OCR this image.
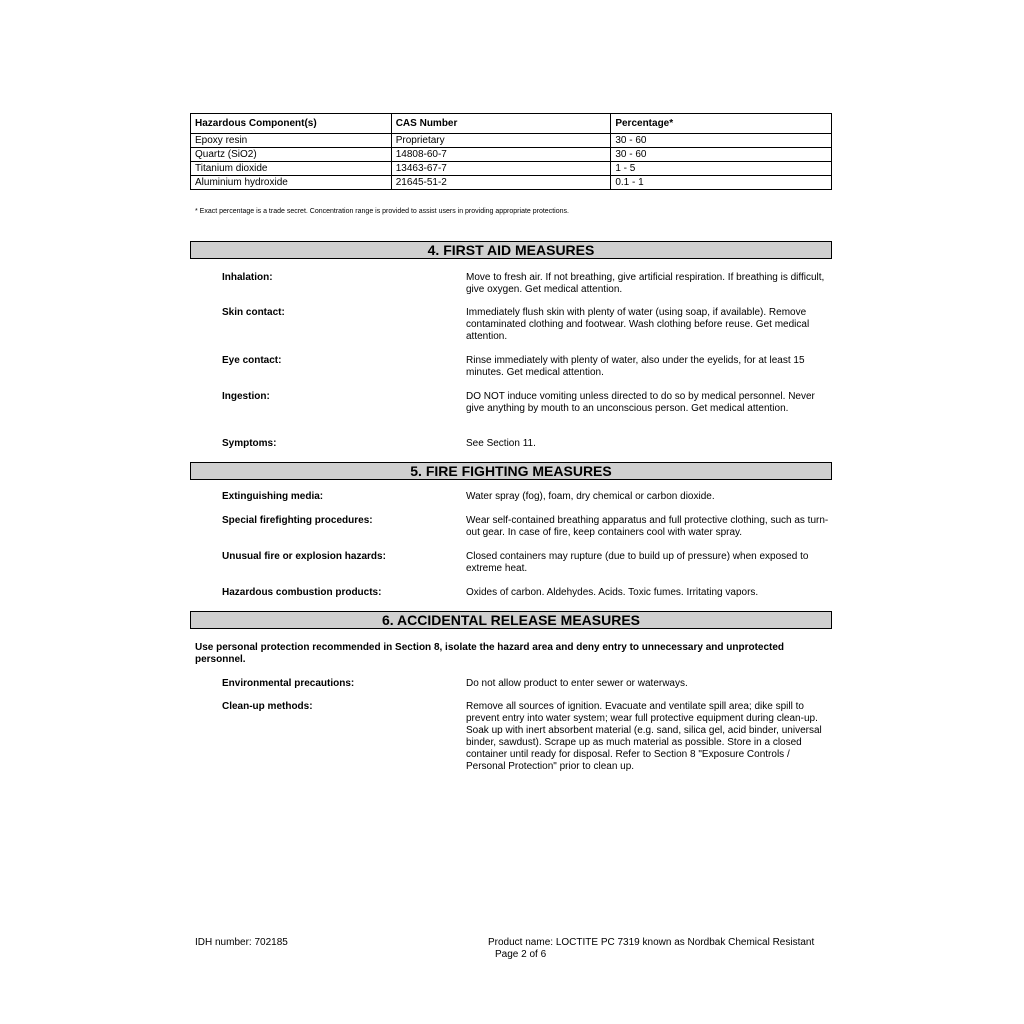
Hazardous Component(s)	CAS Number	Percentage*
Epoxy resin	Proprietary	30 - 60
Quartz (SiO2)	14808-60-7	30 - 60
Titanium dioxide	13463-67-7	1 - 5
Aluminium hydroxide	21645-51-2	0.1 - 1
* Exact percentage is a trade secret. Concentration range is provided to assist users in providing appropriate protections.
4. FIRST AID MEASURES
Inhalation:	Move to fresh air. If not breathing, give artificial respiration. If breathing is difficult, give oxygen. Get medical attention.
Skin contact:	Immediately flush skin with plenty of water (using soap, if available). Remove contaminated clothing and footwear. Wash clothing before reuse. Get medical attention.
Eye contact:	Rinse immediately with plenty of water, also under the eyelids, for at least 15 minutes. Get medical attention.
Ingestion:	DO NOT induce vomiting unless directed to do so by medical personnel. Never give anything by mouth to an unconscious person. Get medical attention.
Symptoms:	See Section 11.
5. FIRE FIGHTING MEASURES
Extinguishing media:	Water spray (fog), foam, dry chemical or carbon dioxide.
Special firefighting procedures:	Wear self-contained breathing apparatus and full protective clothing, such as turn-out gear. In case of fire, keep containers cool with water spray.
Unusual fire or explosion hazards:	Closed containers may rupture (due to build up of pressure) when exposed to extreme heat.
Hazardous combustion products:	Oxides of carbon. Aldehydes. Acids. Toxic fumes. Irritating vapors.
6. ACCIDENTAL RELEASE MEASURES
Use personal protection recommended in Section 8, isolate the hazard area and deny entry to unnecessary and unprotected personnel.
Environmental precautions:	Do not allow product to enter sewer or waterways.
Clean-up methods:	Remove all sources of ignition. Evacuate and ventilate spill area; dike spill to prevent entry into water system; wear full protective equipment during clean-up. Soak up with inert absorbent material (e.g. sand, silica gel, acid binder, universal binder, sawdust). Scrape up as much material as possible. Store in a closed container until ready for disposal. Refer to Section 8 "Exposure Controls / Personal Protection" prior to clean up.
IDH number: 702185	Product name: LOCTITE PC 7319 known as Nordbak Chemical Resistant
Page 2 of 6
